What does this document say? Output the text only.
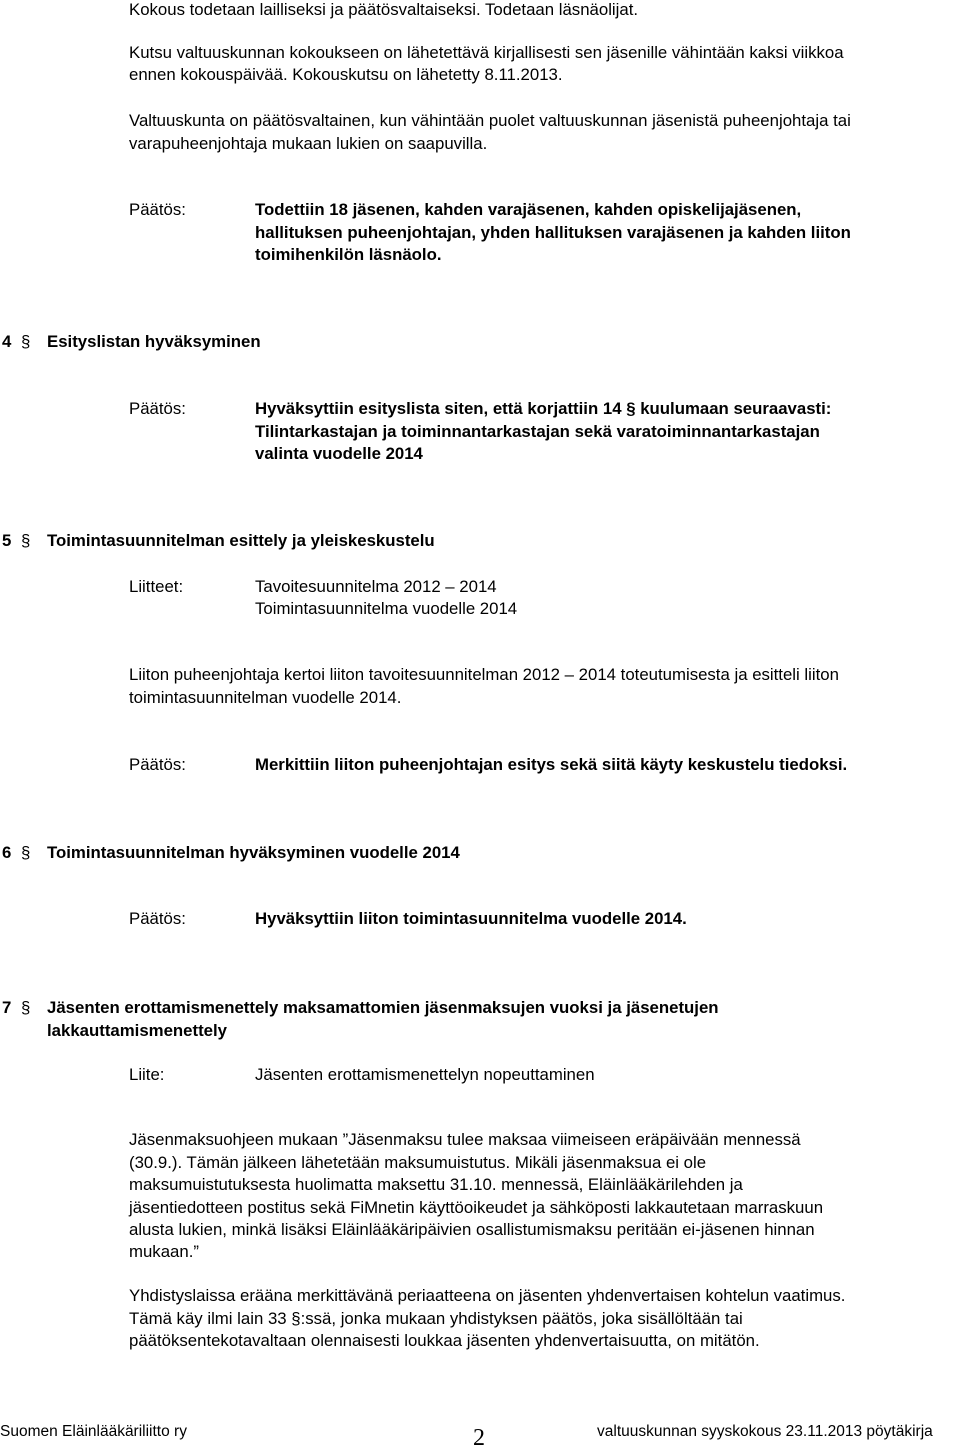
Kokous todetaan lailliseksi ja päätösvaltaiseksi. Todetaan läsnäolijat.
Kutsu valtuuskunnan kokoukseen on lähetettävä kirjallisesti sen jäsenille vähintään kaksi viikkoa
ennen kokouspäivää. Kokouskutsu on lähetetty 8.11.2013.
Valtuuskunta on päätösvaltainen, kun vähintään puolet valtuuskunnan jäsenistä puheenjohtaja tai
varapuheenjohtaja mukaan lukien on saapuvilla.
Päätös:	Todettiin 18 jäsenen, kahden varajäsenen, kahden opiskelijajäsenen,
hallituksen puheenjohtajan, yhden hallituksen varajäsenen ja kahden liiton
toimihenkilön läsnäolo.
4 § Esityslistan hyväksyminen
Päätös:	Hyväksyttiin esityslista siten, että korjattiin 14 § kuulumaan seuraavasti:
Tilintarkastajan ja toiminnantarkastajan sekä varatoiminnantarkastajan
valinta vuodelle 2014
5 § Toimintasuunnitelman esittely ja yleiskeskustelu
Liitteet:	Tavoitesuunnitelma 2012 – 2014
Toimintasuunnitelma vuodelle 2014
Liiton puheenjohtaja kertoi liiton tavoitesuunnitelman 2012 – 2014 toteutumisesta ja esitteli liiton
toimintasuunnitelman vuodelle 2014.
Päätös:	Merkittiin liiton puheenjohtajan esitys sekä siitä käyty keskustelu tiedoksi.
6 § Toimintasuunnitelman hyväksyminen vuodelle 2014
Päätös:	Hyväksyttiin liiton toimintasuunnitelma vuodelle 2014.
7 § Jäsenten erottamismenettely maksamattomien jäsenmaksujen vuoksi ja jäsenetujen
lakkauttamismenettely
Liite:	Jäsenten erottamismenettelyn nopeuttaminen
Jäsenmaksuohjeen mukaan ”Jäsenmaksu tulee maksaa viimeiseen eräpäivään mennessä
(30.9.). Tämän jälkeen lähetetään maksumuistutus. Mikäli jäsenmaksua ei ole
maksumuistutuksesta huolimatta maksettu 31.10. mennessä, Eläinlääkärilehden ja
jäsentiedotteen postitus sekä FiMnetin käyttöoikeudet ja sähköposti lakkautetaan marraskuun
alusta lukien, minkä lisäksi Eläinlääkäripäivien osallistumismaksu peritään ei-jäsenen hinnan
mukaan.”
Yhdistyslaissa erääna merkittävänä periaatteena on jäsenten yhdenvertaisen kohtelun vaatimus.
Tämä käy ilmi lain 33 §:ssä, jonka mukaan yhdistyksen päätös, joka sisällöltään tai
päätöksentekotavaltaan olennaisesti loukkaa jäsenten yhdenvertaisuutta, on mitätön.
Suomen Eläinlääkäriliitto ry	2	valtuuskunnan syyskokous 23.11.2013 pöytäkirja
